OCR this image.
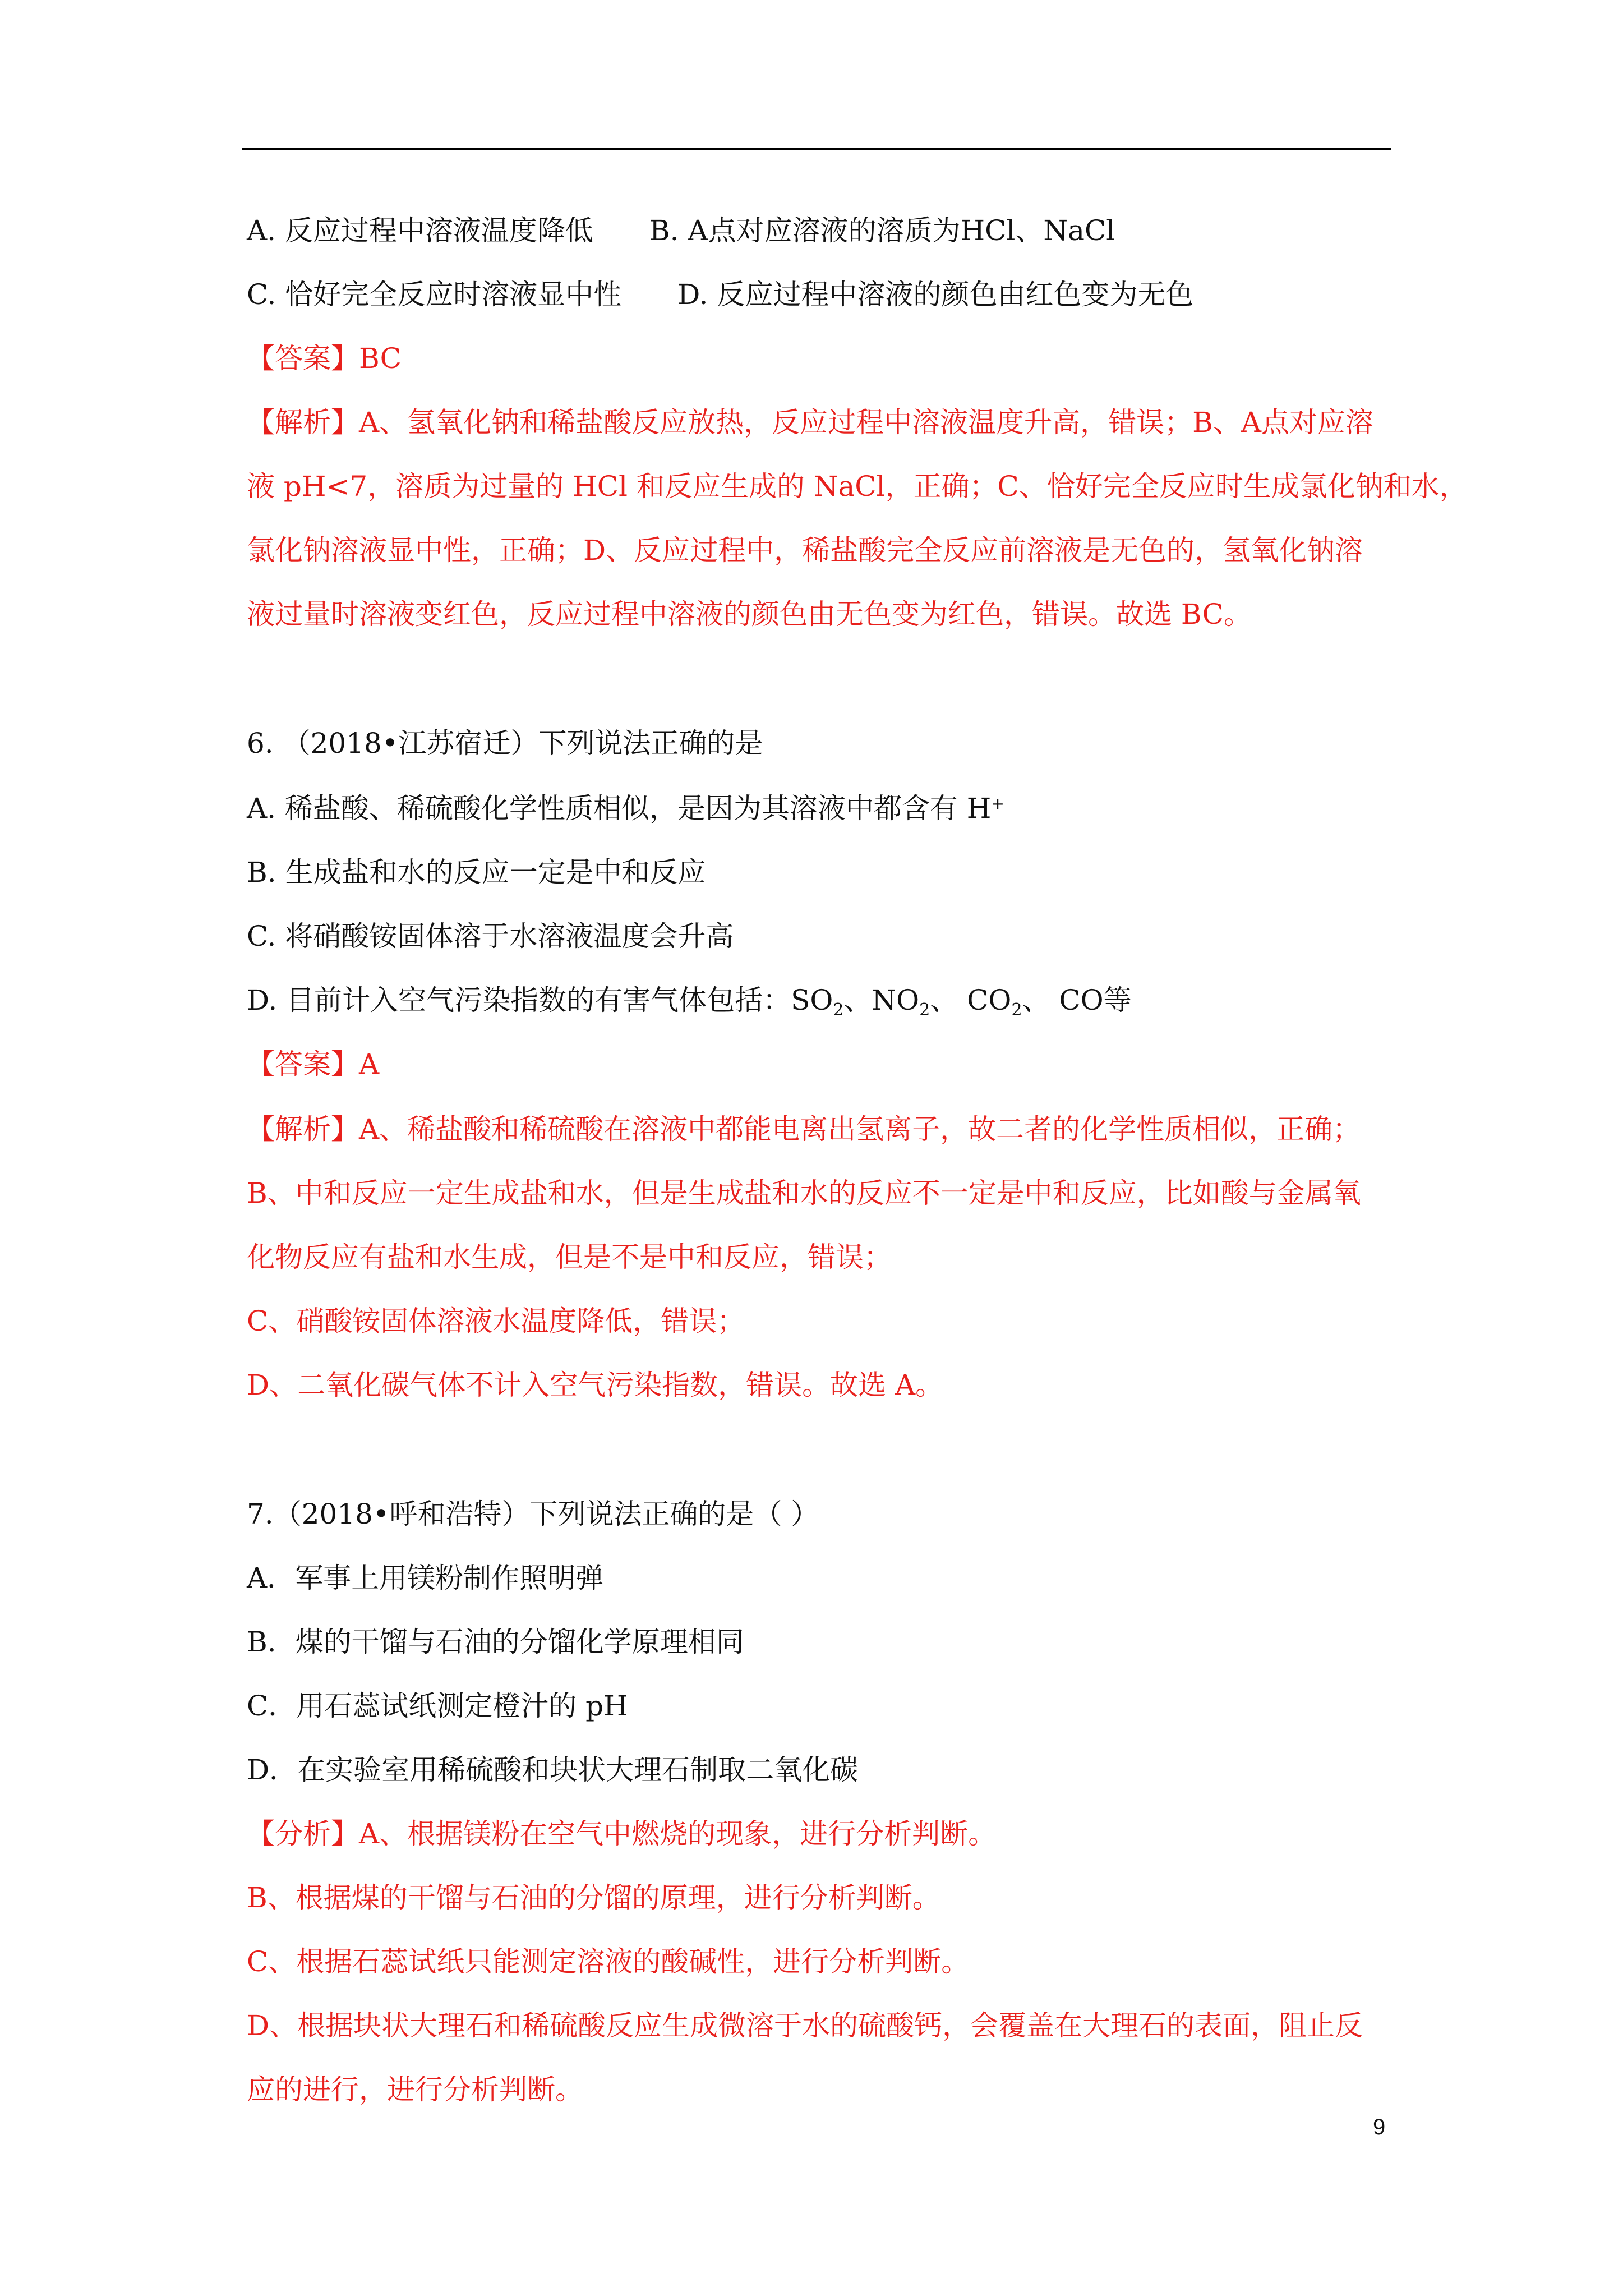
A. 反应过程中溶液温度降低 B. A点对应溶液的溶质为HCl、NaCl
C. 恰好完全反应时溶液显中性 D. 反应过程中溶液的颜色由红色变为无色
【答案】BC
【解析】A、氢氧化钠和稀盐酸反应放热，反应过程中溶液温度升高，错误；B、A点对应溶
液 pH<7，溶质为过量的 HCl 和反应生成的 NaCl，正确；C、恰好完全反应时生成氯化钠和水，
氯化钠溶液显中性，正确；D、反应过程中，稀盐酸完全反应前溶液是无色的，氢氧化钠溶
液过量时溶液变红色，反应过程中溶液的颜色由无色变为红色，错误。故选 BC。
6. （2018•江苏宿迁）下列说法正确的是
A. 稀盐酸、稀硫酸化学性质相似，是因为其溶液中都含有 H+
B. 生成盐和水的反应一定是中和反应
C. 将硝酸铵固体溶于水溶液温度会升高
D. 目前计入空气污染指数的有害气体包括：$SO_2$、$NO_2$、 $CO_2$、 CO等
【答案】A
【解析】A、稀盐酸和稀硫酸在溶液中都能电离出氢离子，故二者的化学性质相似，正确；
B、中和反应一定生成盐和水，但是生成盐和水的反应不一定是中和反应，比如酸与金属氧
化物反应有盐和水生成，但是不是中和反应，错误；
C、硝酸铵固体溶液水温度降低，错误；
D、二氧化碳气体不计入空气污染指数，错误。故选 A。
7.（2018•呼和浩特）下列说法正确的是（ ）
A．军事上用镁粉制作照明弹
B．煤的干馏与石油的分馏化学原理相同
C．用石蕊试纸测定橙汁的 pH
D．在实验室用稀硫酸和块状大理石制取二氧化碳
【分析】A、根据镁粉在空气中燃烧的现象，进行分析判断。
B、根据煤的干馏与石油的分馏的原理，进行分析判断。
C、根据石蕊试纸只能测定溶液的酸碱性，进行分析判断。
D、根据块状大理石和稀硫酸反应生成微溶于水的硫酸钙，会覆盖在大理石的表面，阻止反
应的进行，进行分析判断。
9
